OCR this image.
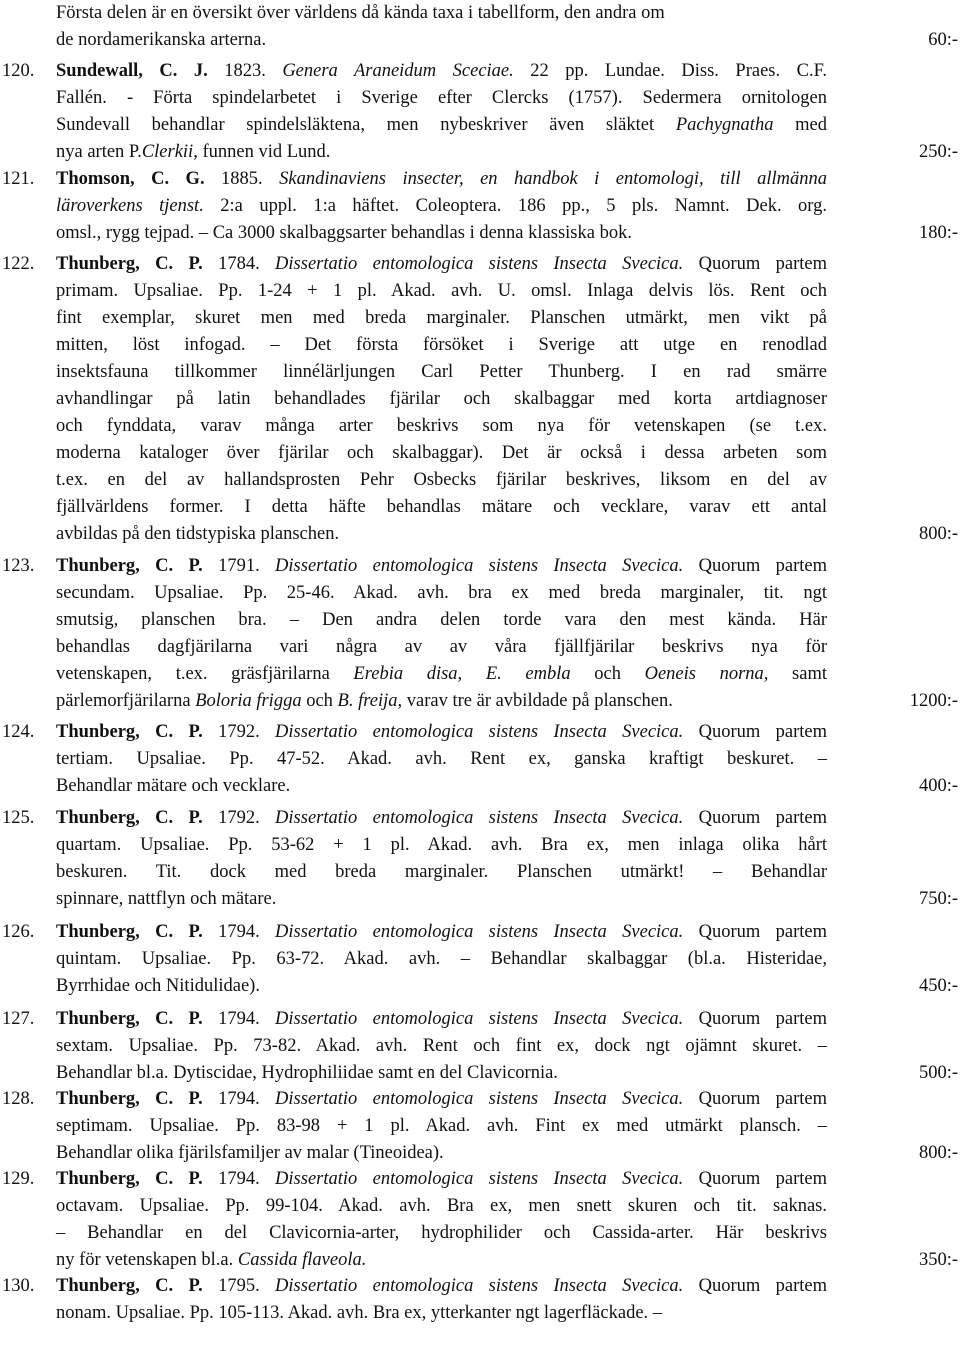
Första delen är en översikt över världens då kända taxa i tabellform, den andra om
de nordamerikanska arterna.	60:-
120. Sundewall, C. J. 1823. Genera Araneidum Sceciae. 22 pp. Lundae. Diss. Praes. C.F.
Fallén. - Förta spindelarbetet i Sverige efter Clercks (1757). Sedermera ornitologen
Sundevall behandlar spindelsläktena, men nybeskriver även släktet Pachygnatha med
nya arten P.Clerkii, funnen vid Lund.	250:-
121. Thomson, C. G. 1885. Skandinaviens insecter, en handbok i entomologi, till allmänna
läroverkens tjenst. 2:a uppl. 1:a häftet. Coleoptera. 186 pp., 5 pls. Namnt. Dek. org.
omsl., rygg tejpad. – Ca 3000 skalbaggsarter behandlas i denna klassiska bok.	180:-
122. Thunberg, C. P. 1784. Dissertatio entomologica sistens Insecta Svecica. Quorum partem
primam. Upsaliae. Pp. 1-24 + 1 pl. Akad. avh. U. omsl. Inlaga delvis lös. Rent och
fint exemplar, skuret men med breda marginaler. Planschen utmärkt, men vikt på
mitten, löst infogad. – Det första försöket i Sverige att utge en renodlad
insektsfauna tillkommer linnélärljungen Carl Petter Thunberg. I en rad smärre
avhandlingar på latin behandlades fjärilar och skalbaggar med korta artdiagnoser
och fynddata, varav många arter beskrivs som nya för vetenskapen (se t.ex.
moderna kataloger över fjärilar och skalbaggar). Det är också i dessa arbeten som
t.ex. en del av hallandsprosten Pehr Osbecks fjärilar beskrives, liksom en del av
fjällvärldens former. I detta häfte behandlas mätare och vecklare, varav ett antal
avbildas på den tidstypiska planschen.	800:-
123. Thunberg, C. P. 1791. Dissertatio entomologica sistens Insecta Svecica. Quorum partem
secundam. Upsaliae. Pp. 25-46. Akad. avh. bra ex med breda marginaler, tit. ngt
smutsig, planschen bra. – Den andra delen torde vara den mest kända. Här
behandlas dagfjärilarna vari några av av våra fjällfjärilar beskrivs nya för
vetenskapen, t.ex. gräsfjärilarna Erebia disa, E. embla och Oeneis norna, samt
pärlemorfjärilarna Boloria frigga och B. freija, varav tre är avbildade på planschen.	1200:-
124. Thunberg, C. P. 1792. Dissertatio entomologica sistens Insecta Svecica. Quorum partem
tertiam. Upsaliae. Pp. 47-52. Akad. avh. Rent ex, ganska kraftigt beskuret. –
Behandlar mätare och vecklare.	400:-
125. Thunberg, C. P. 1792. Dissertatio entomologica sistens Insecta Svecica. Quorum partem
quartam. Upsaliae. Pp. 53-62 + 1 pl. Akad. avh. Bra ex, men inlaga olika hårt
beskuren. Tit. dock med breda marginaler. Planschen utmärkt! – Behandlar
spinnare, nattflyn och mätare.	750:-
126. Thunberg, C. P. 1794. Dissertatio entomologica sistens Insecta Svecica. Quorum partem
quintam. Upsaliae. Pp. 63-72. Akad. avh. – Behandlar skalbaggar (bl.a. Histeridae,
Byrrhidae och Nitidulidae).	450:-
127. Thunberg, C. P. 1794. Dissertatio entomologica sistens Insecta Svecica. Quorum partem
sextam. Upsaliae. Pp. 73-82. Akad. avh. Rent och fint ex, dock ngt ojämnt skuret. –
Behandlar bl.a. Dytiscidae, Hydrophiliidae samt en del Clavicornia.	500:-
128. Thunberg, C. P. 1794. Dissertatio entomologica sistens Insecta Svecica. Quorum partem
septimam. Upsaliae. Pp. 83-98 + 1 pl. Akad. avh. Fint ex med utmärkt plansch. –
Behandlar olika fjärilsfamiljer av malar (Tineoidea).	800:-
129. Thunberg, C. P. 1794. Dissertatio entomologica sistens Insecta Svecica. Quorum partem
octavam. Upsaliae. Pp. 99-104. Akad. avh. Bra ex, men snett skuren och tit. saknas.
– Behandlar en del Clavicornia-arter, hydrophilider och Cassida-arter. Här beskrivs
ny för vetenskapen bl.a. Cassida flaveola.	350:-
130. Thunberg, C. P. 1795. Dissertatio entomologica sistens Insecta Svecica. Quorum partem
nonam. Upsaliae. Pp. 105-113. Akad. avh. Bra ex, ytterkanter ngt lagerfläckade. –
